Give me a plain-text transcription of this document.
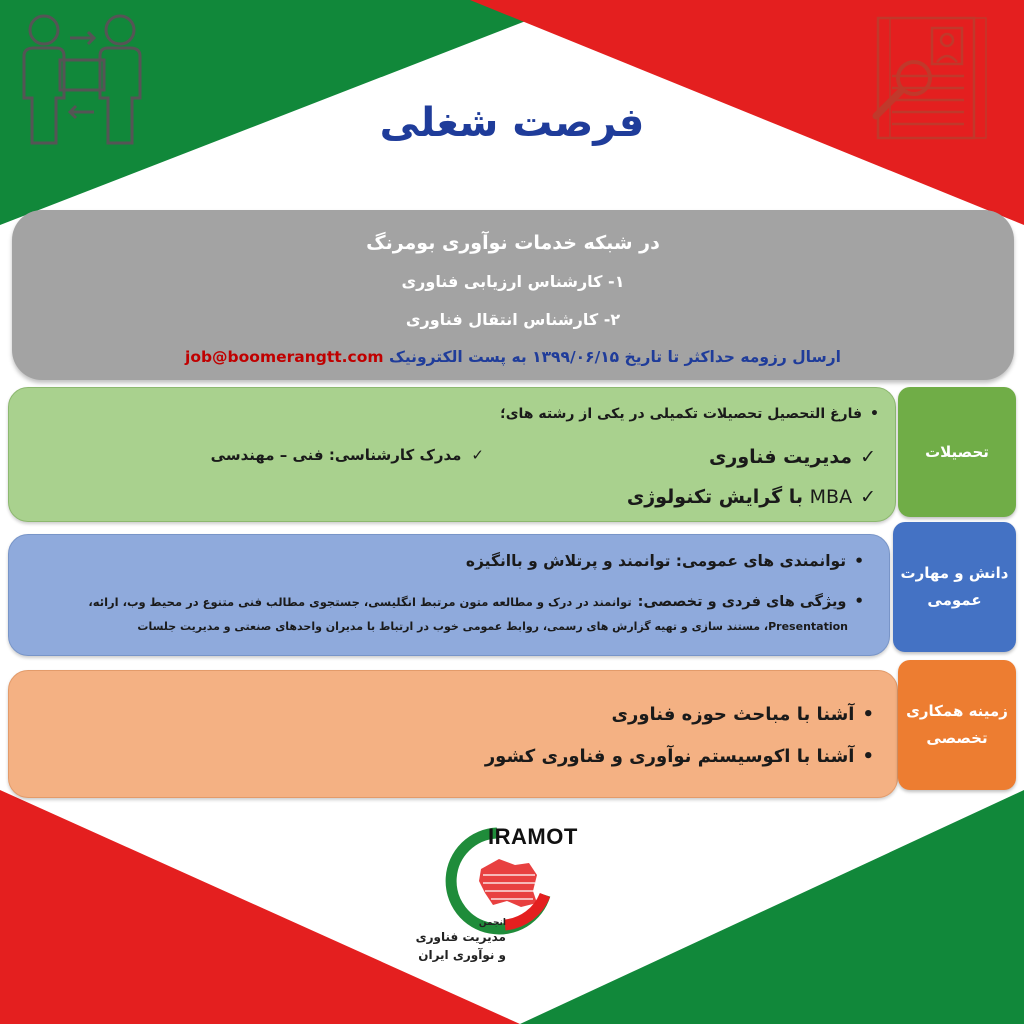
فرصت شغلی
در شبکه خدمات نوآوری بومرنگ
۱- کارشناس ارزیابی فناوری
۲- کارشناس انتقال فناوری
ارسال رزومه حداکثر تا تاریخ ۱۳۹۹/۰۶/۱۵ به پست الکترونیک job@boomerangtt.com
تحصیلات
•فارغ التحصیل تحصیلات تکمیلی در یکی از رشته های؛
✓مدیریت فناوری
✓MBA با گرایش تکنولوژی
✓مدرک کارشناسی: فنی – مهندسی
دانش و مهارت
عمومی
•توانمندی های عمومی: توانمند و پرتلاش و باانگیزه
•ویژگی های فردی و تخصصی:توانمند در درک و مطالعه متون مرتبط انگلیسی، جستجوی مطالب فنی متنوع در محیط وب، ارائه،
Presentation، مستند سازی و تهیه گزارش های رسمی، روابط عمومی خوب در ارتباط با مدیران واحدهای صنعتی و مدیریت جلسات
زمینه همکاری
تخصصی
•آشنا با مباحث حوزه فناوری
•آشنا با اکوسیستم نوآوری و فناوری کشور
IRAMOT
انجمن
مدیریت فناوری
و نوآوری ایران
